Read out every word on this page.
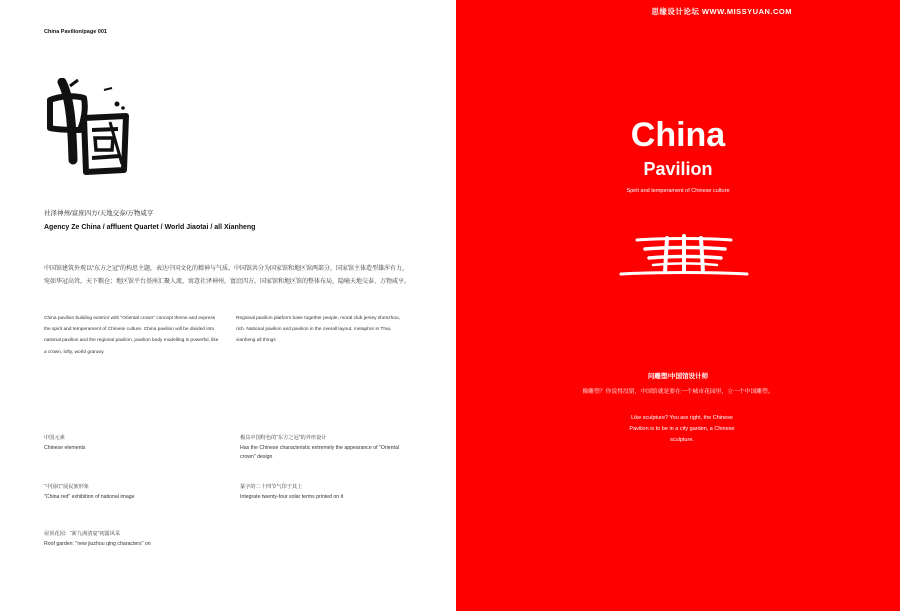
China Pavilion/page 001
社泽神州/富庶四方/天地交泰/万物咸亨
Agency Ze China / affluent Quartet / World Jiaotai / all Xianheng
中国馆建筑外观以“东方之冠”的构思主题，表达中国文化的精神与气质。中国馆共分为国家馆和地区馆两部分，国家馆主体造型雄浑有力，宛如华冠高耸，天下粮仓；地区馆平台基座汇聚人流，寓意社泽神州，富庶四方。国家馆和地区馆的整体布局，隐喻天地交泰、万物咸亨。
China pavilion building exterior with "Oriental crown" concept theme and express the spirit and temperament of Chinese culture. China pavilion will be divided into national pavilion and the regional pavilion, pavilion body modelling is powerful, like a crown, lofty, world granary.
Regional pavilion platform base together people, moral club jersey shenzhou, rich. National pavilion and pavilion in the overall layout, metaphor in Thai, xianheng all things
中国元素
Chinese elements
极具中国特色的“东方之冠”的外形设计
Has the Chinese characteristic extremely the appearance of "Oriental crown" design
“中国红”展民族形象
"China red" exhibition of national image
篆字的二十四节气印于其上
Integrate twenty-four solar terms printed on it
屋顶花园：“新九洲清宴”初露风采
Roof garden: "new jiuzhou qing characters" on
思缘设计论坛 WWW.MISSYUAN.COM
China
Pavilion
Spirit and temperament of Chinese culture
问雕塑/中国馆设计师
像雕塑？你说得没错，中国馆就是要在一个城市花园里，立一个中国雕塑。
Like sculpture? You are right, the Chinese Pavilion is to be in a city garden, a Chinese sculpture.
